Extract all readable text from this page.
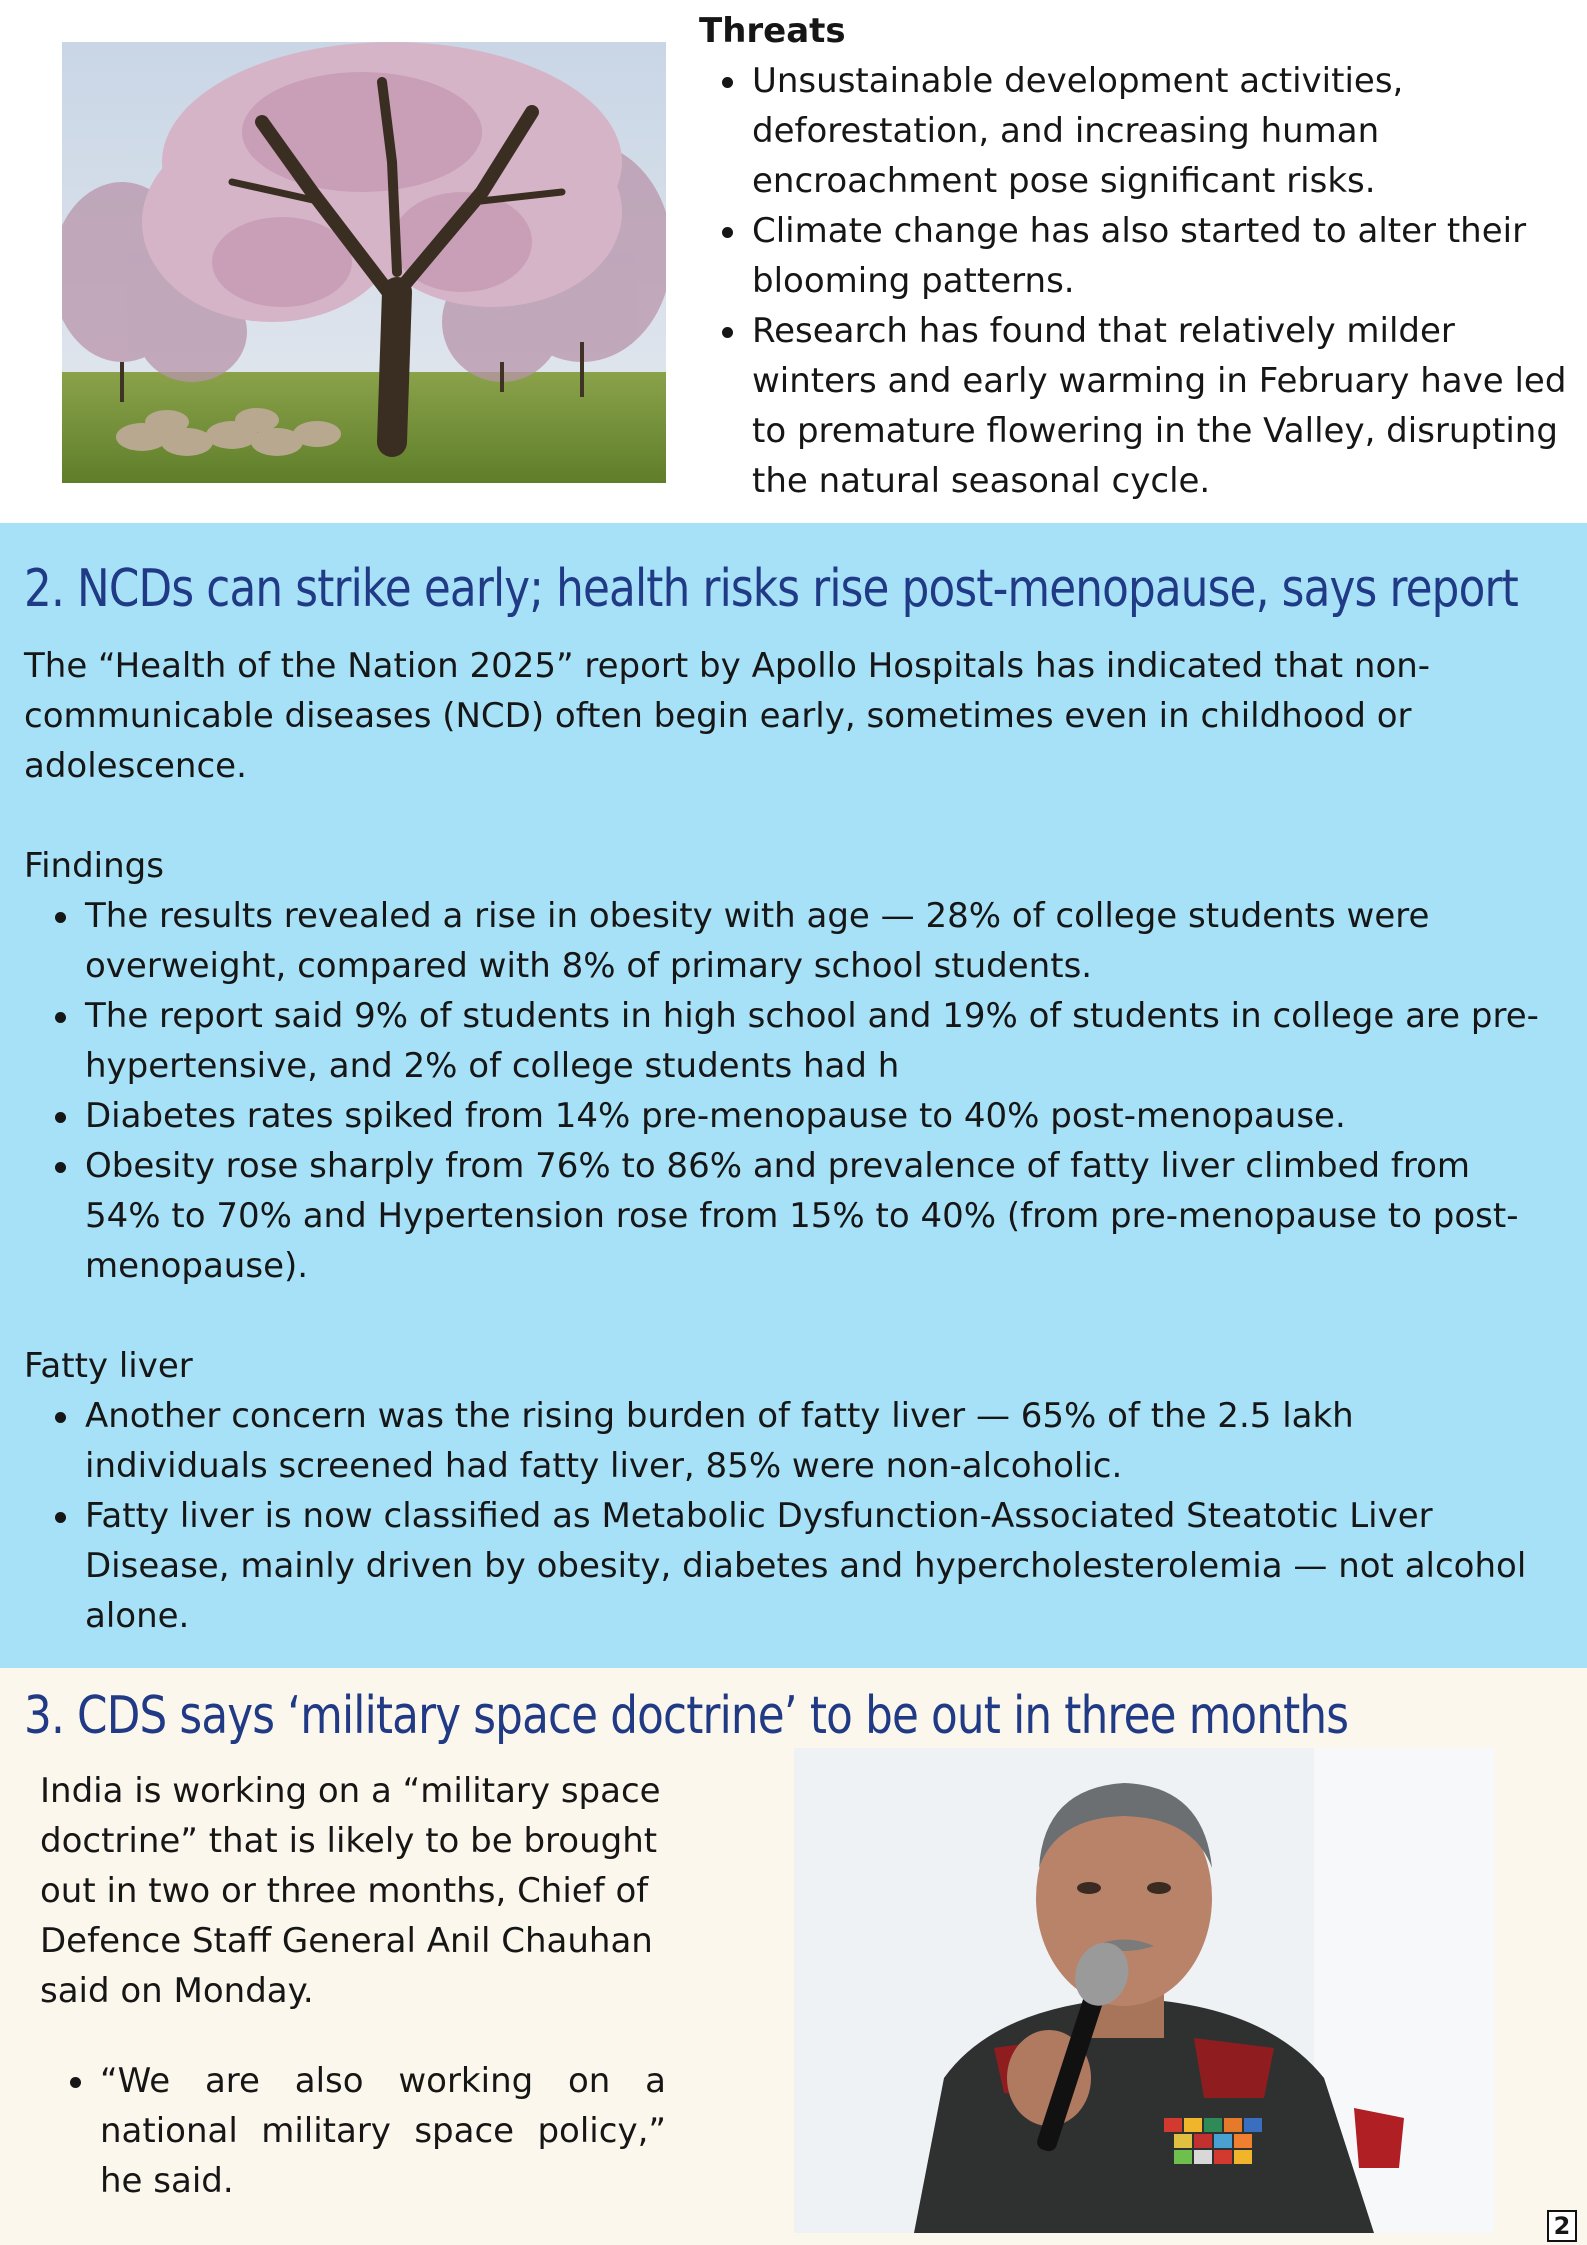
Threats
Unsustainable development activities, deforestation, and increasing human encroachment pose significant risks.
Climate change has also started to alter their blooming patterns.
Research has found that relatively milder winters and early warming in February have led to premature flowering in the Valley, disrupting the natural seasonal cycle.
2. NCDs can strike early; health risks rise post-menopause, says report

The “Health of the Nation 2025” report by Apollo Hospitals has indicated that non-communicable diseases (NCD) often begin early, sometimes even in childhood or adolescence.

Findings

The results revealed a rise in obesity with age — 28% of college students were overweight, compared with 8% of primary school students.
The report said 9% of students in high school and 19% of students in college are pre-hypertensive, and 2% of college students had h
Diabetes rates spiked from 14% pre-menopause to 40% post-menopause.
Obesity rose sharply from 76% to 86% and prevalence of fatty liver climbed from 54% to 70% and Hypertension rose from 15% to 40% (from pre-menopause to post-menopause).

Fatty liver

Another concern was the rising burden of fatty liver — 65% of the 2.5 lakh individuals screened had fatty liver, 85% were non-alcoholic.
Fatty liver is now classified as Metabolic Dysfunction-Associated Steatotic Liver Disease, mainly driven by obesity, diabetes and hypercholesterolemia — not alcohol alone.
3. CDS says ‘military space doctrine’ to be out in three months

India is working on a “military space doctrine” that is likely to be brought out in two or three months, Chief of Defence Staff General Anil Chauhan said on Monday.

“We are also working on a national military space policy,” he said.
2
